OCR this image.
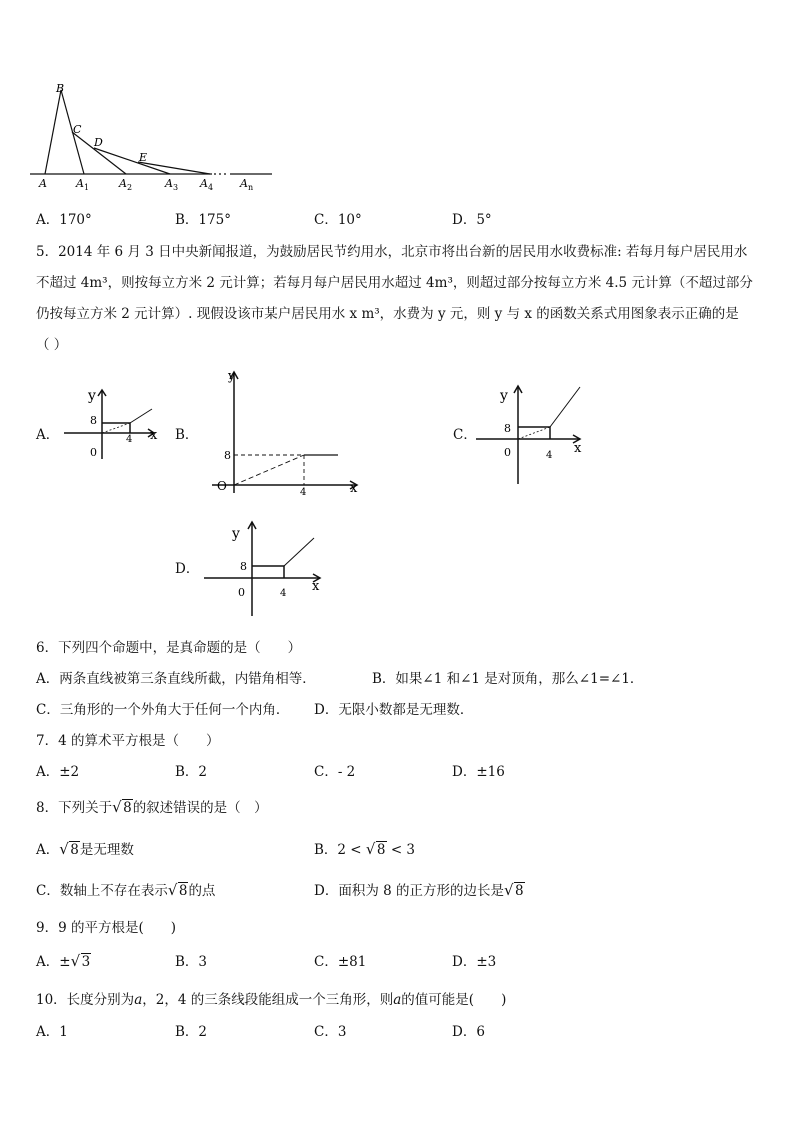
B
C
D
E
A	A 1	A 2	A 3 A 4 A n
A．170°	B．175°	C．10°	D．5°
5．2014 年 6 月 3 日中央新闻报道，为鼓励居民节约用水，北京市将出台新的居民用水收费标准: 若每月每户居民用水
不超过 4m³，则按每立方米 2 元计算；若每月每户居民用水超过 4m³，则超过部分按每立方米 4.5 元计算（不超过部分
仍按每立方米 2 元计算）. 现假设该市某户居民用水 x m³，水费为 y 元，则 y 与 x 的函数关系式用图象表示正确的是
（ ）
A．
y
8
0
4 x B．
y
8
O	4	x
C．
y
8
0	4 x
D．
y
8
0	4 x
6．下列四个命题中，是真命题的是（　　）
A．两条直线被第三条直线所截，内错角相等．	B．如果∠1 和∠1 是对顶角，那么∠1=∠1．
C．三角形的一个外角大于任何一个内角． D．无限小数都是无理数．
7．4 的算术平方根是（　　）
A．±2	B．2	C．- 2	D．±16
8．下列关于 √ 8的叙述错误的是（　）
A． √ 8是无理数	B．2 < √ 8 < 3
C．数轴上不存在表示 √ 8的点	D．面积为 8 的正方形的边长是 √ 8
9．9 的平方根是(　　)
A．± √ 3	B．3	C．±81	D．±3
10．长度分别为a，2，4 的三条线段能组成一个三角形，则a的值可能是(　　)
A．1	B．2	C．3	D．6
